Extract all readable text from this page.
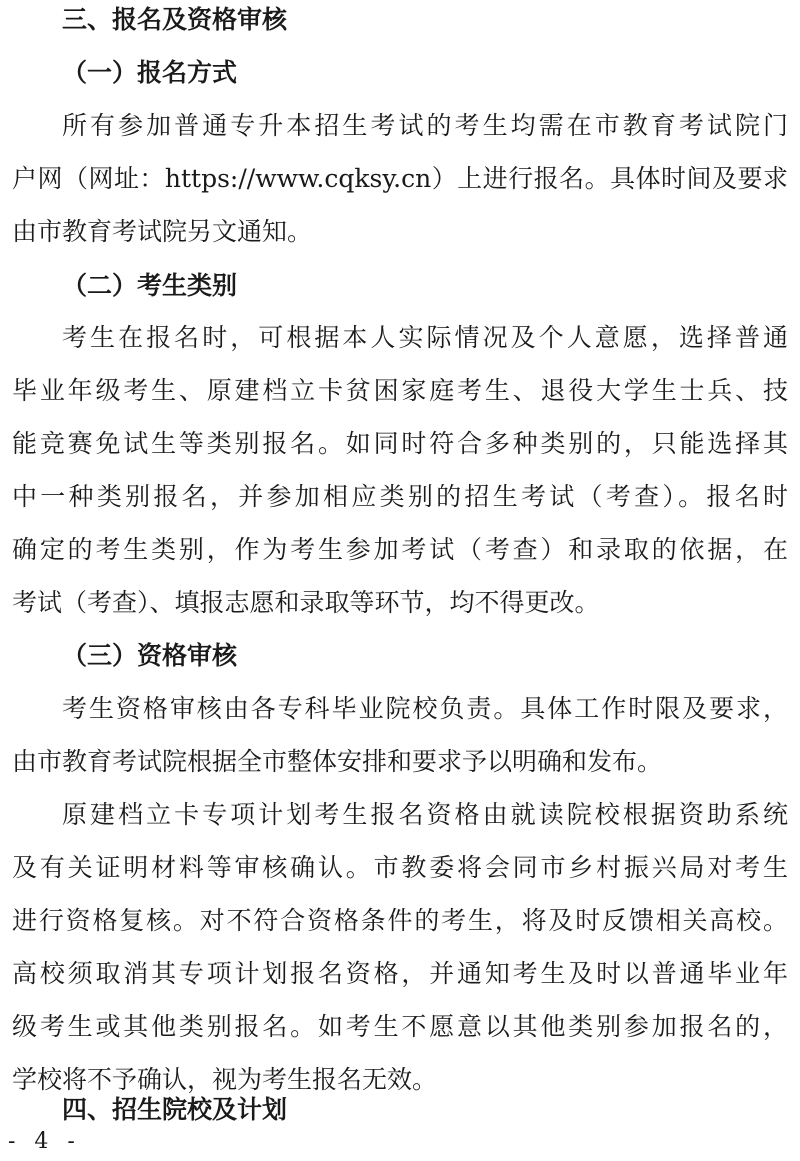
三、报名及资格审核
（一）报名方式
所有参加普通专升本招生考试的考生均需在市教育考试院门
户网（网址：https://www.cqksy.cn）上进行报名。具体时间及要求
由市教育考试院另文通知。
（二）考生类别
考生在报名时，可根据本人实际情况及个人意愿，选择普通
毕业年级考生、原建档立卡贫困家庭考生、退役大学生士兵、技
能竞赛免试生等类别报名。如同时符合多种类别的，只能选择其
中一种类别报名，并参加相应类别的招生考试（考查）。报名时
确定的考生类别，作为考生参加考试（考查）和录取的依据，在
考试（考查）、填报志愿和录取等环节，均不得更改。
（三）资格审核
考生资格审核由各专科毕业院校负责。具体工作时限及要求，
由市教育考试院根据全市整体安排和要求予以明确和发布。
原建档立卡专项计划考生报名资格由就读院校根据资助系统
及有关证明材料等审核确认。市教委将会同市乡村振兴局对考生
进行资格复核。对不符合资格条件的考生，将及时反馈相关高校。
高校须取消其专项计划报名资格，并通知考生及时以普通毕业年
级考生或其他类别报名。如考生不愿意以其他类别参加报名的，
学校将不予确认，视为考生报名无效。
四、招生院校及计划
- 4 -
